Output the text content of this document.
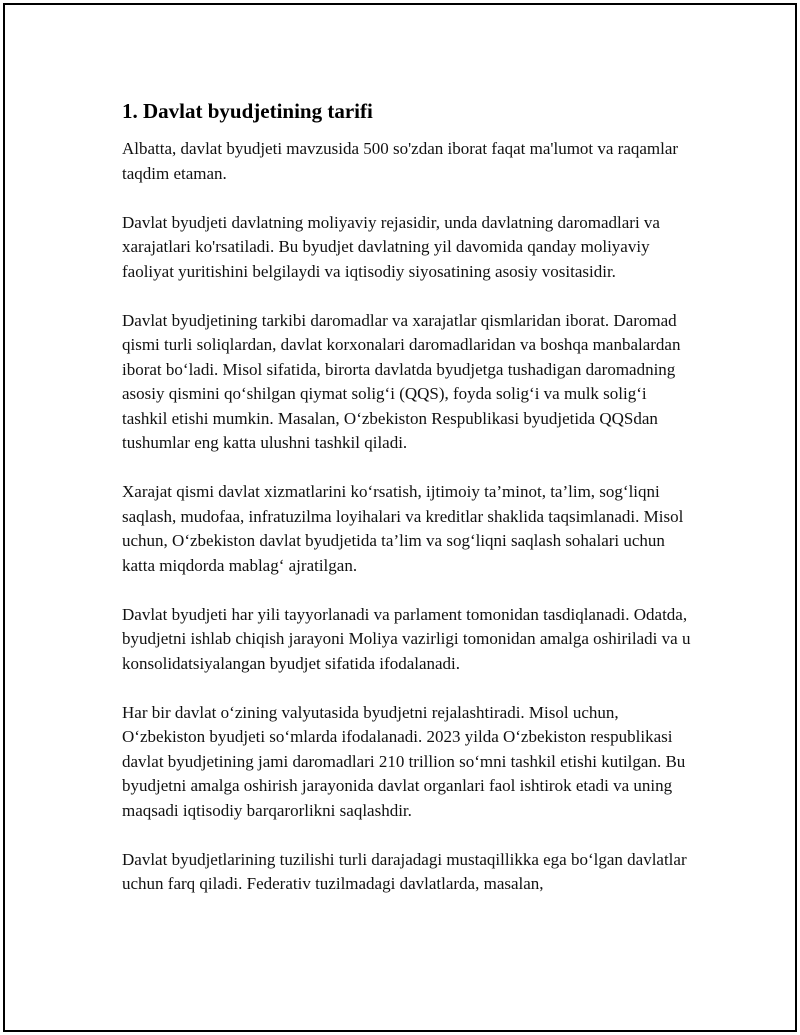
1. Davlat byudjetining tarifi

Albatta, davlat byudjeti mavzusida 500 so'zdan iborat faqat ma'lumot va raqamlar taqdim etaman.

Davlat byudjeti davlatning moliyaviy rejasidir, unda davlatning daromadlari va xarajatlari ko'rsatiladi. Bu byudjet davlatning yil davomida qanday moliyaviy faoliyat yuritishini belgilaydi va iqtisodiy siyosatining asosiy vositasidir.

Davlat byudjetining tarkibi daromadlar va xarajatlar qismlaridan iborat. Daromad qismi turli soliqlardan, davlat korxonalari daromadlaridan va boshqa manbalardan iborat bo‘ladi. Misol sifatida, birorta davlatda byudjetga tushadigan daromadning asosiy qismini qo‘shilgan qiymat solig‘i (QQS), foyda solig‘i va mulk solig‘i tashkil etishi mumkin. Masalan, O‘zbekiston Respublikasi byudjetida QQSdan tushumlar eng katta ulushni tashkil qiladi.

Xarajat qismi davlat xizmatlarini ko‘rsatish, ijtimoiy ta’minot, ta’lim, sog‘liqni saqlash, mudofaa, infratuzilma loyihalari va kreditlar shaklida taqsimlanadi. Misol uchun, O‘zbekiston davlat byudjetida ta’lim va sog‘liqni saqlash sohalari uchun katta miqdorda mablag‘ ajratilgan.

Davlat byudjeti har yili tayyorlanadi va parlament tomonidan tasdiqlanadi. Odatda, byudjetni ishlab chiqish jarayoni Moliya vazirligi tomonidan amalga oshiriladi va u konsolidatsiyalangan byudjet sifatida ifodalanadi.

Har bir davlat o‘zining valyutasida byudjetni rejalashtiradi. Misol uchun, O‘zbekiston byudjeti so‘mlarda ifodalanadi. 2023 yilda O‘zbekiston respublikasi davlat byudjetining jami daromadlari 210 trillion so‘mni tashkil etishi kutilgan. Bu byudjetni amalga oshirish jarayonida davlat organlari faol ishtirok etadi va uning maqsadi iqtisodiy barqarorlikni saqlashdir.

Davlat byudjetlarining tuzilishi turli darajadagi mustaqillikka ega bo‘lgan davlatlar uchun farq qiladi. Federativ tuzilmadagi davlatlarda, masalan,
